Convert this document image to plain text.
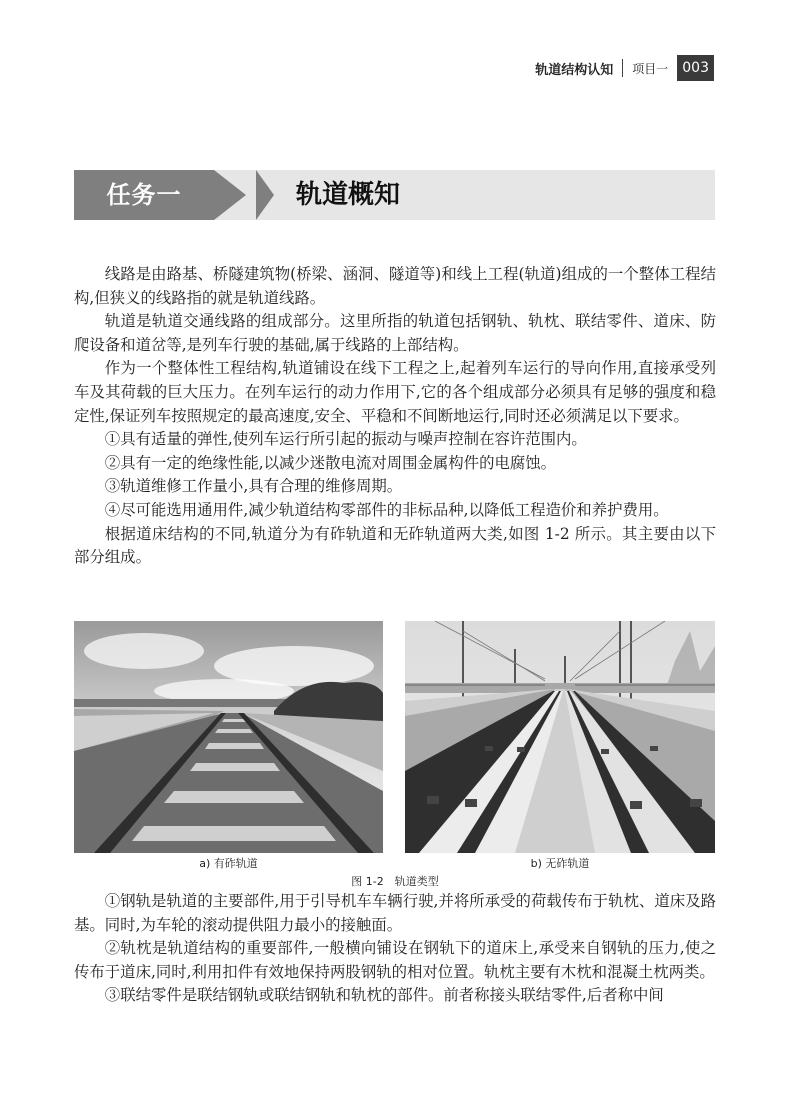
轨道结构认知	项目一	003
任务一	轨道概知

线路是由路基、桥隧建筑物(桥梁、涵洞、隧道等)和线上工程(轨道)组成的一个整体工程结构,但狭义的线路指的就是轨道线路。

轨道是轨道交通线路的组成部分。这里所指的轨道包括钢轨、轨枕、联结零件、道床、防爬设备和道岔等,是列车行驶的基础,属于线路的上部结构。

作为一个整体性工程结构,轨道铺设在线下工程之上,起着列车运行的导向作用,直接承受列车及其荷载的巨大压力。在列车运行的动力作用下,它的各个组成部分必须具有足够的强度和稳定性,保证列车按照规定的最高速度,安全、平稳和不间断地运行,同时还必须满足以下要求。

①具有适量的弹性,使列车运行所引起的振动与噪声控制在容许范围内。

②具有一定的绝缘性能,以减少迷散电流对周围金属构件的电腐蚀。

③轨道维修工作量小,具有合理的维修周期。

④尽可能选用通用件,减少轨道结构零部件的非标品种,以降低工程造价和养护费用。

根据道床结构的不同,轨道分为有砟轨道和无砟轨道两大类,如图 1-2 所示。其主要由以下部分组成。

a) 有砟轨道	b) 无砟轨道
图 1-2　轨道类型

①钢轨是轨道的主要部件,用于引导机车车辆行驶,并将所承受的荷载传布于轨枕、道床及路基。同时,为车轮的滚动提供阻力最小的接触面。

②轨枕是轨道结构的重要部件,一般横向铺设在钢轨下的道床上,承受来自钢轨的压力,使之传布于道床,同时,利用扣件有效地保持两股钢轨的相对位置。轨枕主要有木枕和混凝土枕两类。

③联结零件是联结钢轨或联结钢轨和轨枕的部件。前者称接头联结零件,后者称中间
